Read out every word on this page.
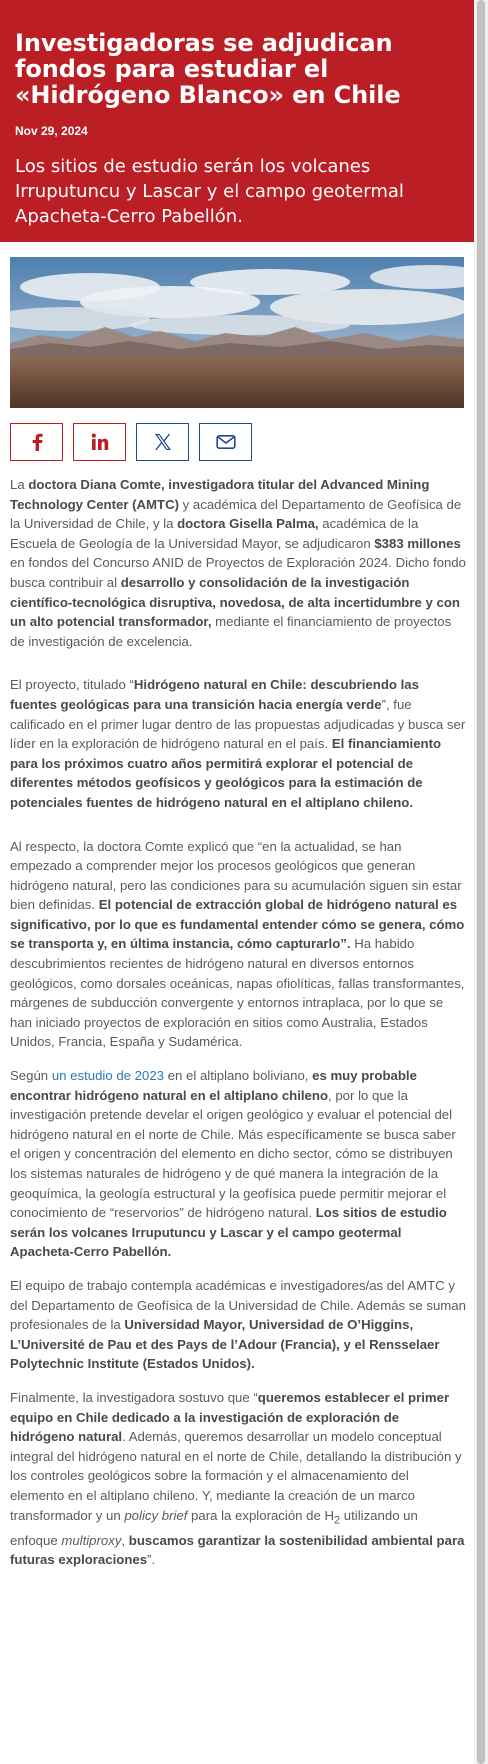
Investigadoras se adjudican fondos para estudiar el «Hidrógeno Blanco» en Chile
Nov 29, 2024
Los sitios de estudio serán los volcanes Irruputuncu y Lascar y el campo geotermal Apacheta-Cerro Pabellón.

La doctora Diana Comte, investigadora titular del Advanced Mining Technology Center (AMTC) y académica del Departamento de Geofísica de la Universidad de Chile, y la doctora Gisella Palma, académica de la Escuela de Geología de la Universidad Mayor, se adjudicaron $383 millones en fondos del Concurso ANID de Proyectos de Exploración 2024. Dicho fondo busca contribuir al desarrollo y consolidación de la investigación científico-tecnológica disruptiva, novedosa, de alta incertidumbre y con un alto potencial transformador, mediante el financiamiento de proyectos de investigación de excelencia.

El proyecto, titulado “Hidrógeno natural en Chile: descubriendo las fuentes geológicas para una transición hacia energía verde”, fue calificado en el primer lugar dentro de las propuestas adjudicadas y busca ser líder en la exploración de hidrógeno natural en el país. El financiamiento para los próximos cuatro años permitirá explorar el potencial de diferentes métodos geofísicos y geológicos para la estimación de potenciales fuentes de hidrógeno natural en el altiplano chileno.

Al respecto, la doctora Comte explicó que “en la actualidad, se han empezado a comprender mejor los procesos geológicos que generan hidrógeno natural, pero las condiciones para su acumulación siguen sin estar bien definidas. El potencial de extracción global de hidrógeno natural es significativo, por lo que es fundamental entender cómo se genera, cómo se transporta y, en última instancia, cómo capturarlo”. Ha habido descubrimientos recientes de hidrógeno natural en diversos entornos geológicos, como dorsales oceánicas, napas ofiolíticas, fallas transformantes, márgenes de subducción convergente y entornos intraplaca, por lo que se han iniciado proyectos de exploración en sitios como Australia, Estados Unidos, Francia, España y Sudamérica.

Según un estudio de 2023 en el altiplano boliviano, es muy probable encontrar hidrógeno natural en el altiplano chileno, por lo que la investigación pretende develar el origen geológico y evaluar el potencial del hidrógeno natural en el norte de Chile. Más específicamente se busca saber el origen y concentración del elemento en dicho sector, cómo se distribuyen los sistemas naturales de hidrógeno y de qué manera la integración de la geoquímica, la geología estructural y la geofísica puede permitir mejorar el conocimiento de “reservorios” de hidrógeno natural. Los sitios de estudio serán los volcanes Irruputuncu y Lascar y el campo geotermal Apacheta-Cerro Pabellón.

El equipo de trabajo contempla académicas e investigadores/as del AMTC y del Departamento de Geofísica de la Universidad de Chile. Además se suman profesionales de la Universidad Mayor, Universidad de O’Higgins, L’Université de Pau et des Pays de l’Adour (Francia), y el Rensselaer Polytechnic Institute (Estados Unidos).

Finalmente, la investigadora sostuvo que “queremos establecer el primer equipo en Chile dedicado a la investigación de exploración de hidrógeno natural. Además, queremos desarrollar un modelo conceptual integral del hidrógeno natural en el norte de Chile, detallando la distribución y los controles geológicos sobre la formación y el almacenamiento del elemento en el altiplano chileno. Y, mediante la creación de un marco transformador y un policy brief para la exploración de $H_2$ utilizando un enfoque multiproxy, buscamos garantizar la sostenibilidad ambiental para futuras exploraciones”.
